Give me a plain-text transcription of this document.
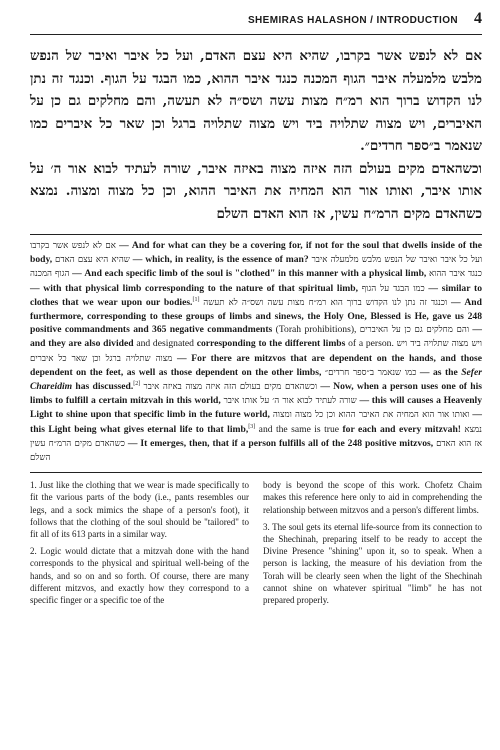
SHEMIRAS HALASHON / INTRODUCTION 4

אם לא לנפש אשר בקרבו, שהיא היא עצם האדם, ועל כל איבר ואיבר של הנפש מלבש מלמעלה איבר הגוף המכנה כנגד איבר ההוא, כמו הבגד על הגוף. וכנגד זה נתן לנו הקדוש ברוך הוא רמ״ח מצות עשה ושס״ה לא תעשה, והם מחלקים גם כן על האיברים, ויש מצוה שתלויה ביד ויש מצוה שתלויה ברגל וכן שאר כל איברים כמו שנאמר ב״ספר חרדים״.

וכשהאדם מקים בעולם הזה איזה מצוה באיזה איבר, שורה לעתיד לבוא אור ה׳ על אותו איבר, ואותו אור הוא המחיה את האיבר ההוא, וכן כל מצוה ומצוה. נמצא כשהאדם מקים הרמ״ח עשין, אז הוא האדם השלם

אם לא לנפש אשר בקרבו — And for what can they be a covering for, if not for the soul that dwells inside of the body, שהיא היא עצם האדם — which, in reality, is the essence of man? ועל כל איבר ואיבר של הנפש מלבש מלמעלה איבר הגוף המכנה — And each specific limb of the soul is "clothed" in this manner with a physical limb, כנגד איבר ההוא — with that physical limb corresponding to the nature of that spiritual limb, כמו הבגד על הגוף — similar to clothes that we wear upon our bodies.[1] וכנגד זה נתן לנו הקדוש ברוך הוא רמ״ח מצות עשה ושס״ה לא תעשה — And furthermore, corresponding to these groups of limbs and sinews, the Holy One, Blessed is He, gave us 248 positive commandments and 365 negative commandments (Torah prohibitions), והם מחלקים גם כן על האיברים — and they are also divided and designated corresponding to the different limbs of a person. ויש מצוה שתלויה ביד ויש מצוה שתלויה ברגל וכן שאר כל איברים — For there are mitzvos that are dependent on the hands, and those dependent on the feet, as well as those dependent on the other limbs, כמו שנאמר ב״ספר חרדים״ — as the Sefer Chareidim has discussed.[2] וכשהאדם מקים בעולם הזה איזה מצוה באיזה איבר — Now, when a person uses one of his limbs to fulfill a certain mitzvah in this world, שורה לעתיד לבוא אור ה׳ על אותו איבר — this will causes a Heavenly Light to shine upon that specific limb in the future world, ואותו אור הוא המחיה את האיבר ההוא וכן כל מצוה ומצוה — this Light being what gives eternal life to that limb,[3] and the same is true for each and every mitzvah! נמצא כשהאדם מקים הרמ״ח עשין — It emerges, then, that if a person fulfills all of the 248 positive mitzvos, אז הוא האדם השלם

1. Just like the clothing that we wear is made specifically to fit the various parts of the body (i.e., pants resembles our legs, and a sock mimics the shape of a person's foot), it follows that the clothing of the soul should be "tailored" to fit all of its 613 parts in a similar way.

2. Logic would dictate that a mitzvah done with the hand corresponds to the physical and spiritual well-being of the hands, and so on and so forth. Of course, there are many different mitzvos, and exactly how they correspond to a specific finger or a specific toe of the

body is beyond the scope of this work. Chofetz Chaim makes this reference here only to aid in comprehending the relationship between mitzvos and a person's different limbs.

3. The soul gets its eternal life-source from its connection to the Shechinah, preparing itself to be ready to accept the Divine Presence "shining" upon it, so to speak. When a person is lacking, the measure of his deviation from the Torah will be clearly seen when the light of the Shechinah cannot shine on whatever spiritual "limb" he has not prepared properly.
